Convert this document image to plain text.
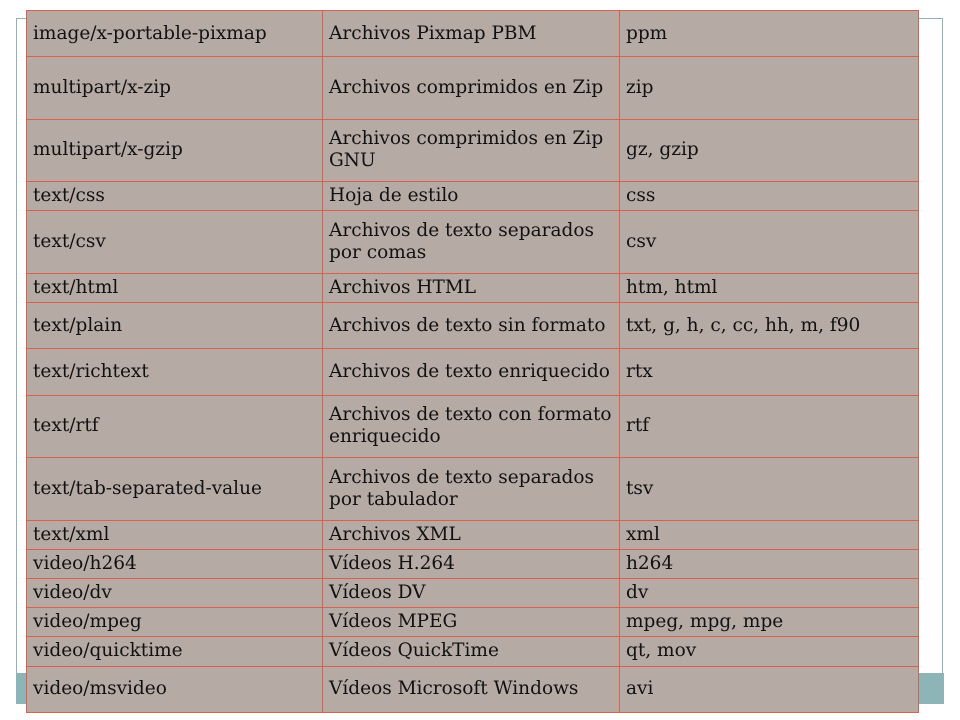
image/x-portable-pixmap	Archivos Pixmap PBM	ppm
multipart/x-zip	Archivos comprimidos en Zip	zip
multipart/x-gzip	Archivos comprimidos en Zip GNU	gz, gzip
text/css	Hoja de estilo	css
text/csv	Archivos de texto separados por comas	csv
text/html	Archivos HTML	htm, html
text/plain	Archivos de texto sin formato	txt, g, h, c, cc, hh, m, f90
text/richtext	Archivos de texto enriquecido	rtx
text/rtf	Archivos de texto con formato enriquecido	rtf
text/tab-separated-value	Archivos de texto separados por tabulador	tsv
text/xml	Archivos XML	xml
video/h264	Vídeos H.264	h264
video/dv	Vídeos DV	dv
video/mpeg	Vídeos MPEG	mpeg, mpg, mpe
video/quicktime	Vídeos QuickTime	qt, mov
video/msvideo	Vídeos Microsoft Windows	avi
